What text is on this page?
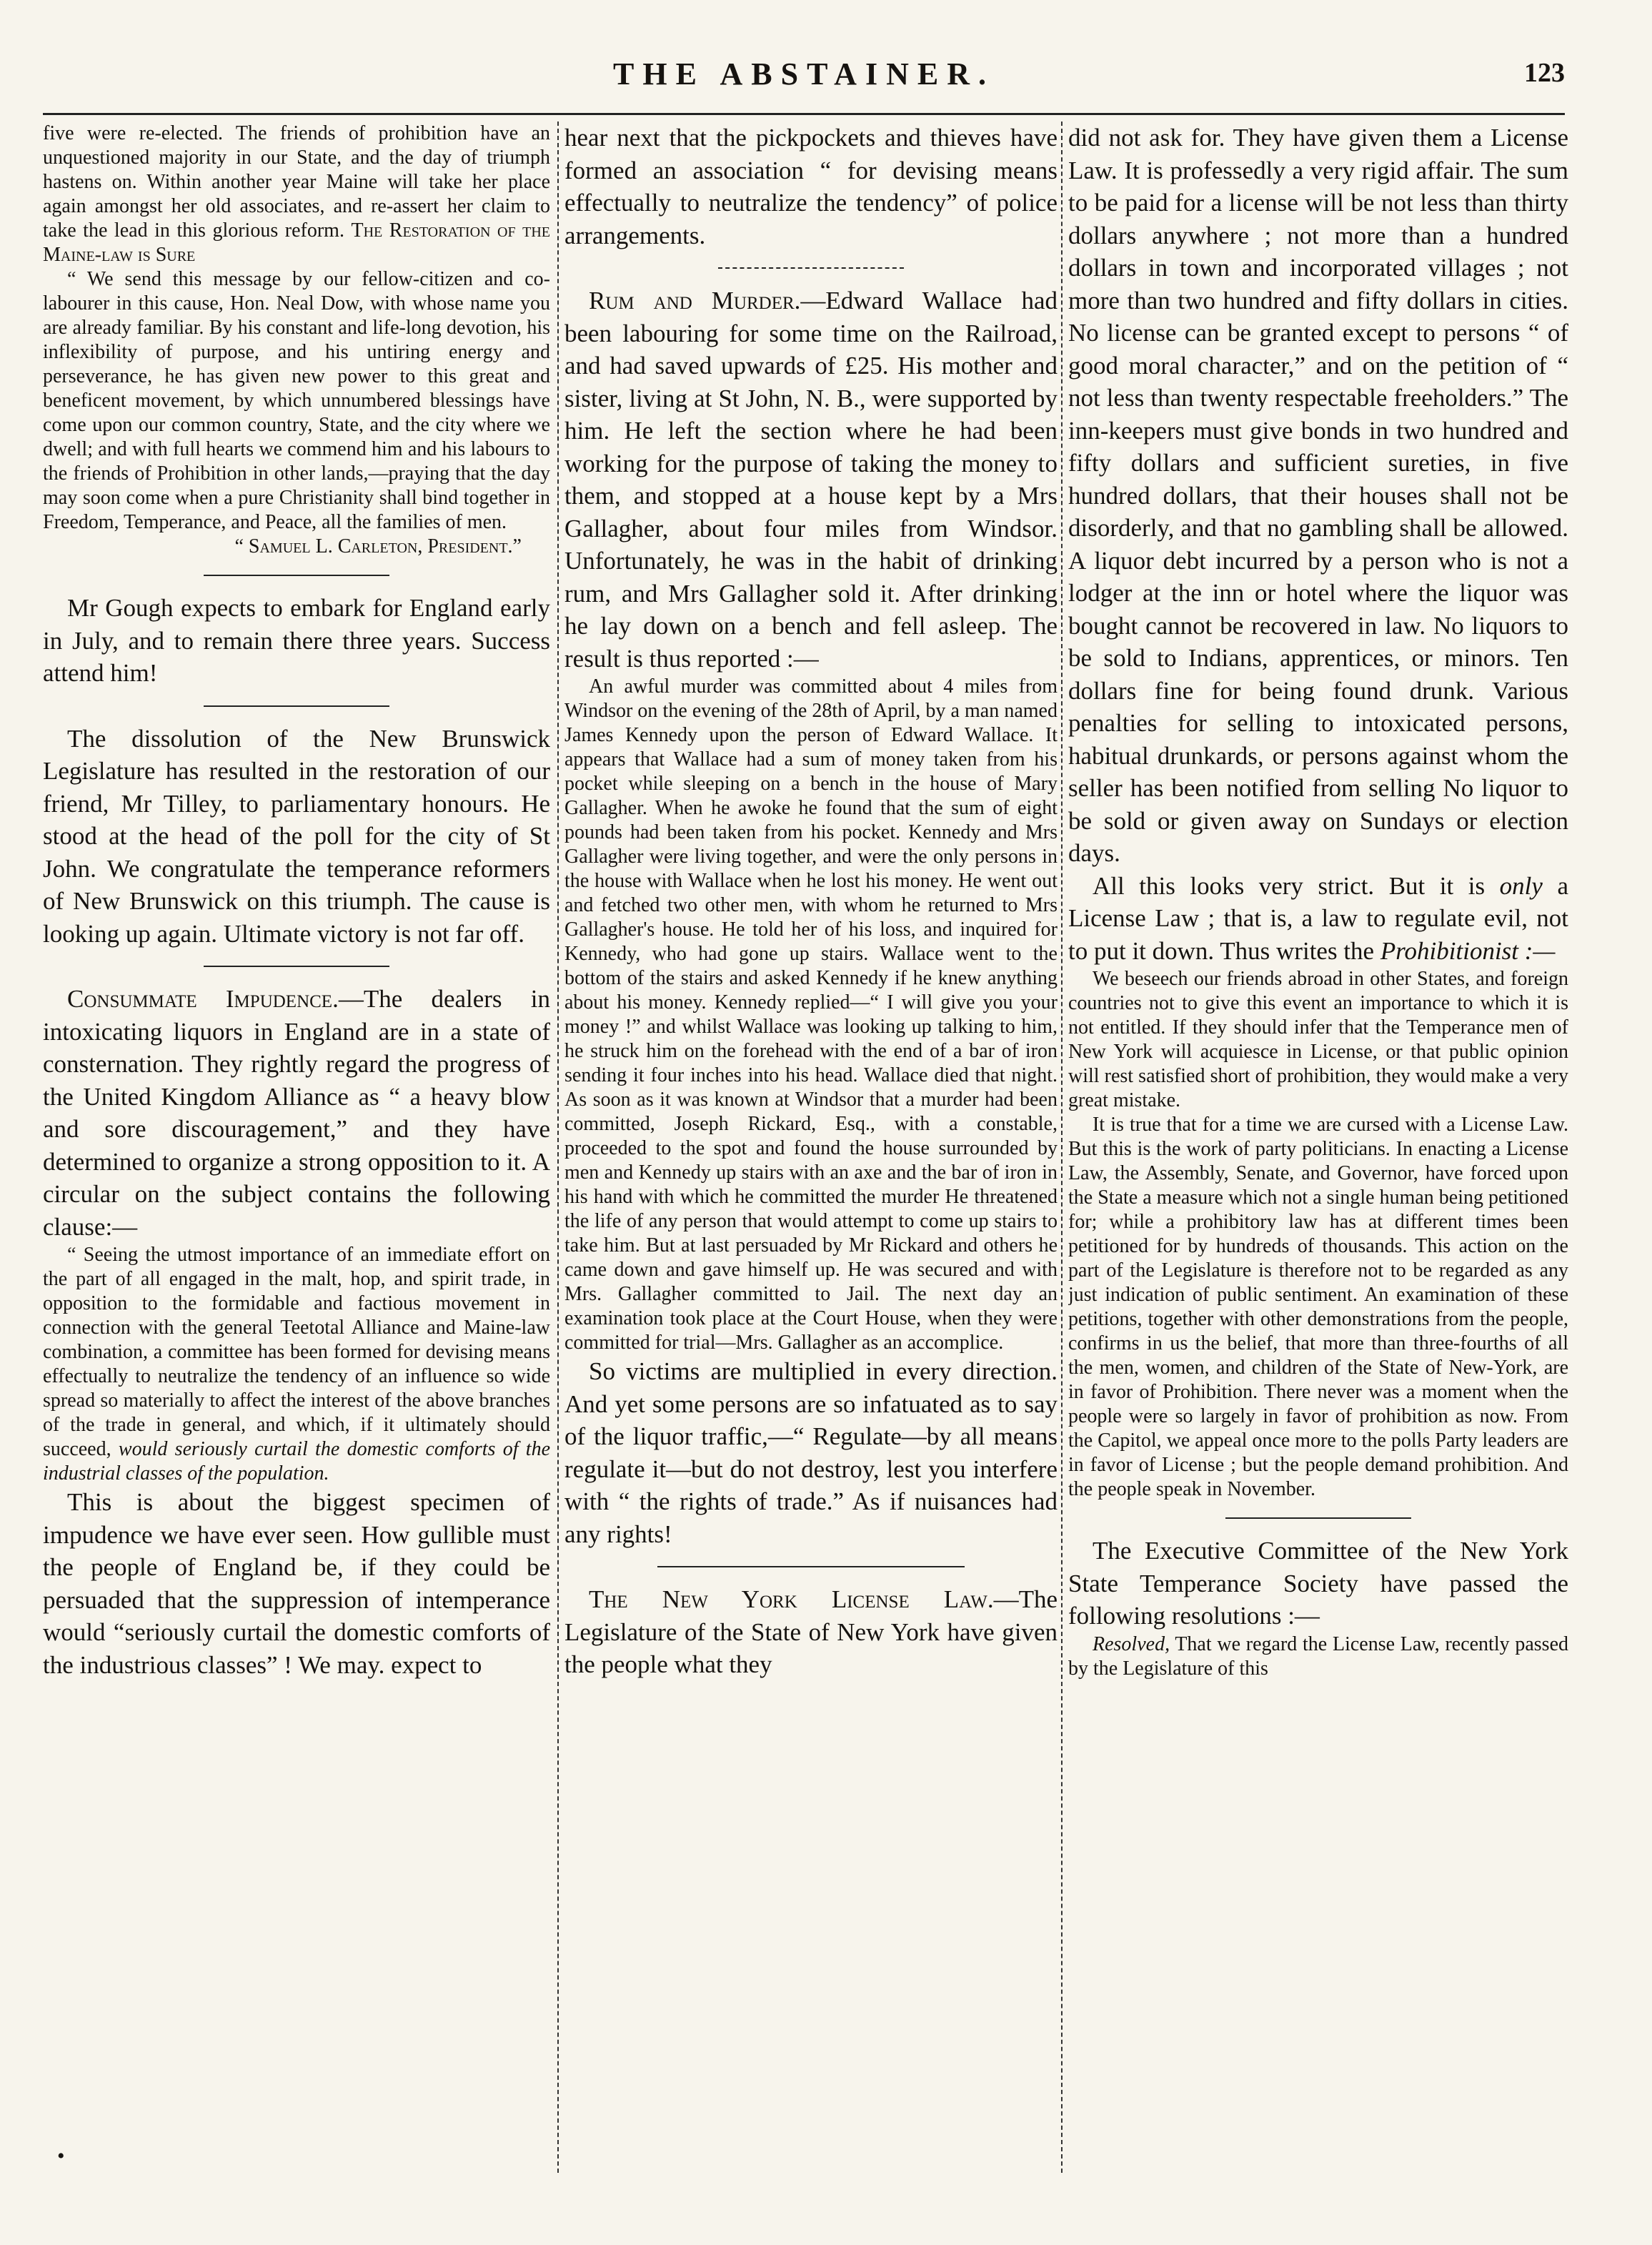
THE ABSTAINER.	123

five were re-elected. The friends of prohibition have an unquestioned majority in our State, and the day of triumph hastens on. Within another year Maine will take her place again amongst her old associates, and re-assert her claim to take the lead in this glorious reform. The Restoration of the Maine-law is Sure

“ We send this message by our fellow-citizen and co-labourer in this cause, Hon. Neal Dow, with whose name you are already familiar. By his constant and life-long devotion, his inflexibility of purpose, and his untiring energy and perseverance, he has given new power to this great and beneficent movement, by which unnumbered blessings have come upon our common country, State, and the city where we dwell; and with full hearts we commend him and his labours to the friends of Prohibition in other lands,—praying that the day may soon come when a pure Christianity shall bind together in Freedom, Temperance, and Peace, all the families of men.

“ Samuel L. Carleton, President.”

Mr Gough expects to embark for England early in July, and to remain there three years. Success attend him!

The dissolution of the New Brunswick Legislature has resulted in the restoration of our friend, Mr Tilley, to parliamentary honours. He stood at the head of the poll for the city of St John. We congratulate the temperance reformers of New Brunswick on this triumph. The cause is looking up again. Ultimate victory is not far off.

Consummate Impudence.—The dealers in intoxicating liquors in England are in a state of consternation. They rightly regard the progress of the United Kingdom Alliance as “ a heavy blow and sore discouragement,” and they have determined to organize a strong opposition to it. A circular on the subject contains the following clause:—

“ Seeing the utmost importance of an immediate effort on the part of all engaged in the malt, hop, and spirit trade, in opposition to the formidable and factious movement in connection with the general Teetotal Alliance and Maine-law combination, a committee has been formed for devising means effectually to neutralize the tendency of an influence so wide spread so materially to affect the interest of the above branches of the trade in general, and which, if it ultimately should succeed, would seriously curtail the domestic comforts of the industrial classes of the population.

This is about the biggest specimen of impudence we have ever seen. How gullible must the people of England be, if they could be persuaded that the suppression of intemperance would “seriously curtail the domestic comforts of the industrious classes” ! We may. expect to

hear next that the pickpockets and thieves have formed an association “ for devising means effectually to neutralize the tendency” of police arrangements.

Rum and Murder.—Edward Wallace had been labouring for some time on the Railroad, and had saved upwards of £25. His mother and sister, living at St John, N. B., were supported by him. He left the section where he had been working for the purpose of taking the money to them, and stopped at a house kept by a Mrs Gallagher, about four miles from Windsor. Unfortunately, he was in the habit of drinking rum, and Mrs Gallagher sold it. After drinking he lay down on a bench and fell asleep. The result is thus reported :—

An awful murder was committed about 4 miles from Windsor on the evening of the 28th of April, by a man named James Kennedy upon the person of Edward Wallace. It appears that Wallace had a sum of money taken from his pocket while sleeping on a bench in the house of Mary Gallagher. When he awoke he found that the sum of eight pounds had been taken from his pocket. Kennedy and Mrs Gallagher were living together, and were the only persons in the house with Wallace when he lost his money. He went out and fetched two other men, with whom he returned to Mrs Gallagher's house. He told her of his loss, and inquired for Kennedy, who had gone up stairs. Wallace went to the bottom of the stairs and asked Kennedy if he knew anything about his money. Kennedy replied—“ I will give you your money !” and whilst Wallace was looking up talking to him, he struck him on the forehead with the end of a bar of iron sending it four inches into his head. Wallace died that night. As soon as it was known at Windsor that a murder had been committed, Joseph Rickard, Esq., with a constable, proceeded to the spot and found the house surrounded by men and Kennedy up stairs with an axe and the bar of iron in his hand with which he committed the murder He threatened the life of any person that would attempt to come up stairs to take him. But at last persuaded by Mr Rickard and others he came down and gave himself up. He was secured and with Mrs. Gallagher committed to Jail. The next day an examination took place at the Court House, when they were committed for trial—Mrs. Gallagher as an accomplice.

So victims are multiplied in every direction. And yet some persons are so infatuated as to say of the liquor traffic,—“ Regulate—by all means regulate it—but do not destroy, lest you interfere with “ the rights of trade.” As if nuisances had any rights!

The New York License Law.—The Legislature of the State of New York have given the people what they

did not ask for. They have given them a License Law. It is professedly a very rigid affair. The sum to be paid for a license will be not less than thirty dollars anywhere ; not more than a hundred dollars in town and incorporated villages ; not more than two hundred and fifty dollars in cities. No license can be granted except to persons “ of good moral character,” and on the petition of “ not less than twenty respectable freeholders.” The inn-keepers must give bonds in two hundred and fifty dollars and sufficient sureties, in five hundred dollars, that their houses shall not be disorderly, and that no gambling shall be allowed. A liquor debt incurred by a person who is not a lodger at the inn or hotel where the liquor was bought cannot be recovered in law. No liquors to be sold to Indians, apprentices, or minors. Ten dollars fine for being found drunk. Various penalties for selling to intoxicated persons, habitual drunkards, or persons against whom the seller has been notified from selling No liquor to be sold or given away on Sundays or election days.

All this looks very strict. But it is only a License Law ; that is, a law to regulate evil, not to put it down. Thus writes the Prohibitionist :—

We beseech our friends abroad in other States, and foreign countries not to give this event an importance to which it is not entitled. If they should infer that the Temperance men of New York will acquiesce in License, or that public opinion will rest satisfied short of prohibition, they would make a very great mistake.

It is true that for a time we are cursed with a License Law. But this is the work of party politicians. In enacting a License Law, the Assembly, Senate, and Governor, have forced upon the State a measure which not a single human being petitioned for; while a prohibitory law has at different times been petitioned for by hundreds of thousands. This action on the part of the Legislature is therefore not to be regarded as any just indication of public sentiment. An examination of these petitions, together with other demonstrations from the people, confirms in us the belief, that more than three-fourths of all the men, women, and children of the State of New-York, are in favor of Prohibition. There never was a moment when the people were so largely in favor of prohibition as now. From the Capitol, we appeal once more to the polls Party leaders are in favor of License ; but the people demand prohibition. And the people speak in November.

The Executive Committee of the New York State Temperance Society have passed the following resolutions :—

Resolved, That we regard the License Law, recently passed by the Legislature of this

•
